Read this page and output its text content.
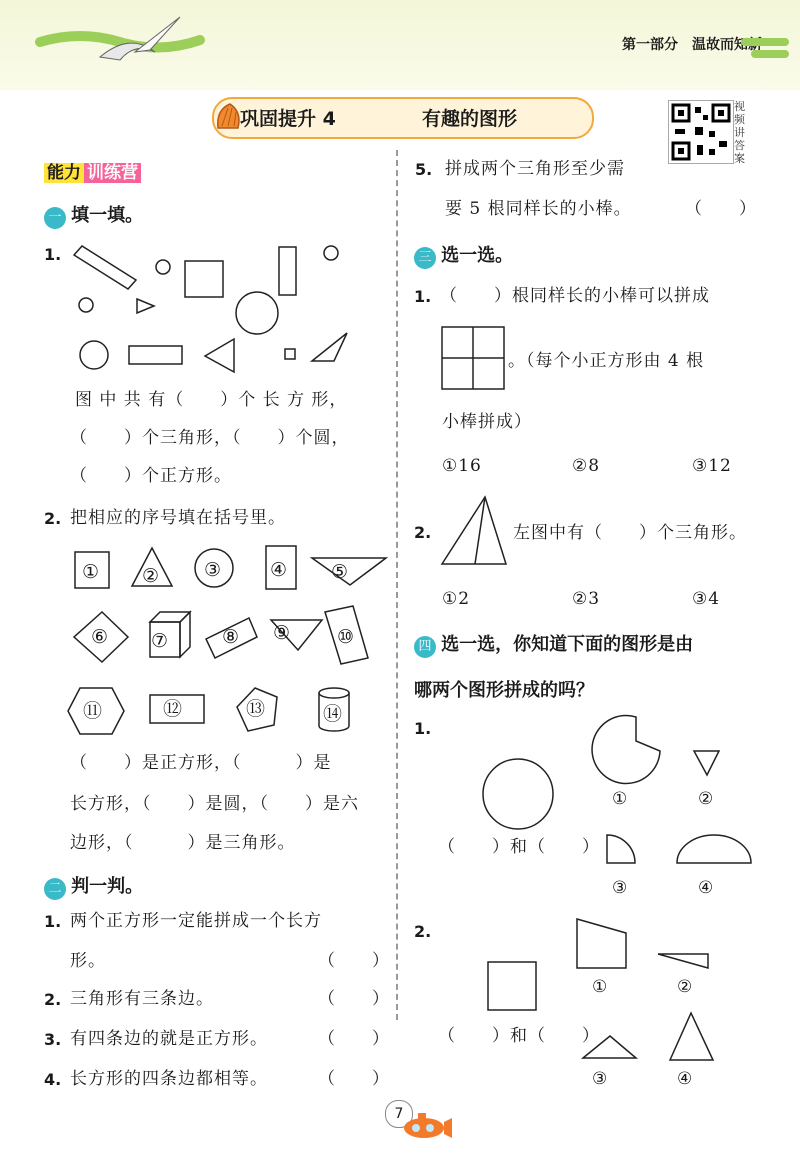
第一部分　温故而知新
巩固提升 4	有趣的图形
视频讲答案
能力 训练营
一 填一填。
1.
图 中 共 有（　　）个 长 方 形，
（　　）个三角形，（　　）个圆，
（　　）个正方形。
2. 把相应的序号填在括号里。
① ② ③	④ ⑤
⑥ ⑦	⑧ ⑨ ⑩
⑪	⑫	⑬	⑭
（　　）是正方形，（　　　）是
长方形，（　　）是圆，（　　）是六
边形，（　　　）是三角形。
二 判一判。
1. 两个正方形一定能拼成一个长方
形。	（　　）
2. 三角形有三条边。	（　　）
3. 有四条边的就是正方形。	（　　）
4. 长方形的四条边都相等。	（　　）
5. 拼成两个三角形至少需
要 5 根同样长的小棒。	（　　）
三 选一选。
1. （　　）根同样长的小棒可以拼成
。（每个小正方形由 4 根
小棒拼成）
①16	②8	③12
2.	左图中有（　　）个三角形。
①2	②3	③4
四 选一选，你知道下面的图形是由
哪两个图形拼成的吗？
1.
①	②
（　　）和（　　）
③	④
2.
①	②
（　　）和（　　）
③	④
7
